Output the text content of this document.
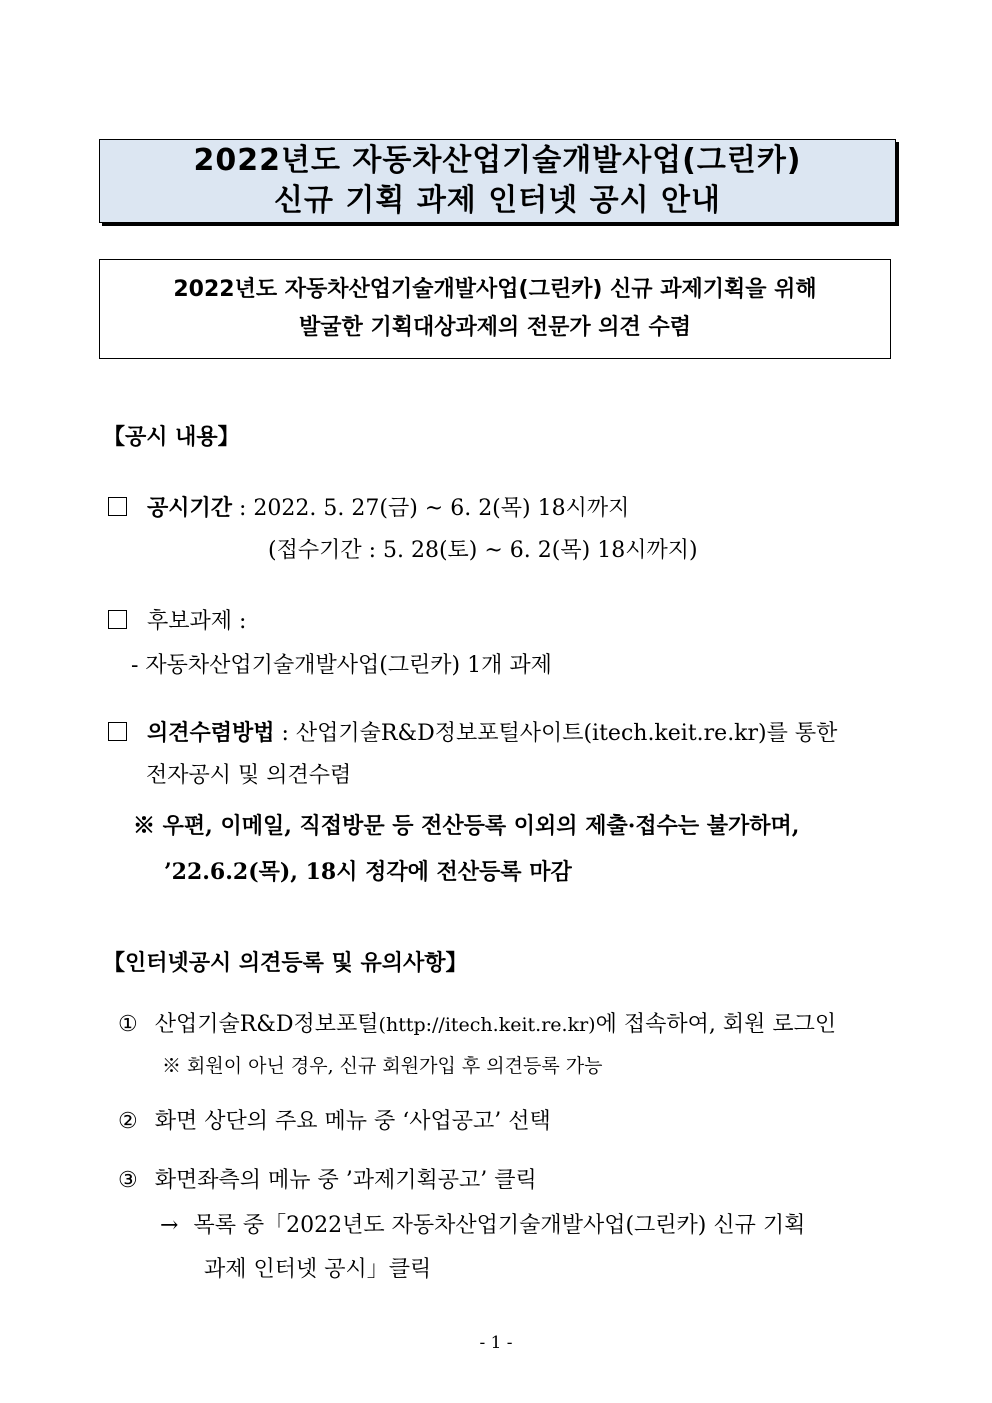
2022년도 자동차산업기술개발사업(그린카)
신규 기획 과제 인터넷 공시 안내
2022년도 자동차산업기술개발사업(그린카) 신규 과제기획을 위해
발굴한 기획대상과제의 전문가 의견 수렴
【공시 내용】
공시기간 : 2022. 5. 27(금) ~ 6. 2(목) 18시까지
(접수기간 : 5. 28(토) ~ 6. 2(목) 18시까지)
후보과제 :
- 자동차산업기술개발사업(그린카) 1개 과제
의견수렴방법 : 산업기술R&D정보포털사이트(itech.keit.re.kr)를 통한
전자공시 및 의견수렴
※ 우편, 이메일, 직접방문 등 전산등록 이외의 제출·접수는 불가하며,
’22.6.2(목), 18시 정각에 전산등록 마감
【인터넷공시 의견등록 및 유의사항】
① 산업기술R&D정보포털(http://itech.keit.re.kr)에 접속하여, 회원 로그인
※ 회원이 아닌 경우, 신규 회원가입 후 의견등록 가능
② 화면 상단의 주요 메뉴 중 ‘사업공고’ 선택
③ 화면좌측의 메뉴 중 ’과제기획공고’ 클릭
→ 목록 중「2022년도 자동차산업기술개발사업(그린카) 신규 기획
과제 인터넷 공시」클릭
- 1 -
